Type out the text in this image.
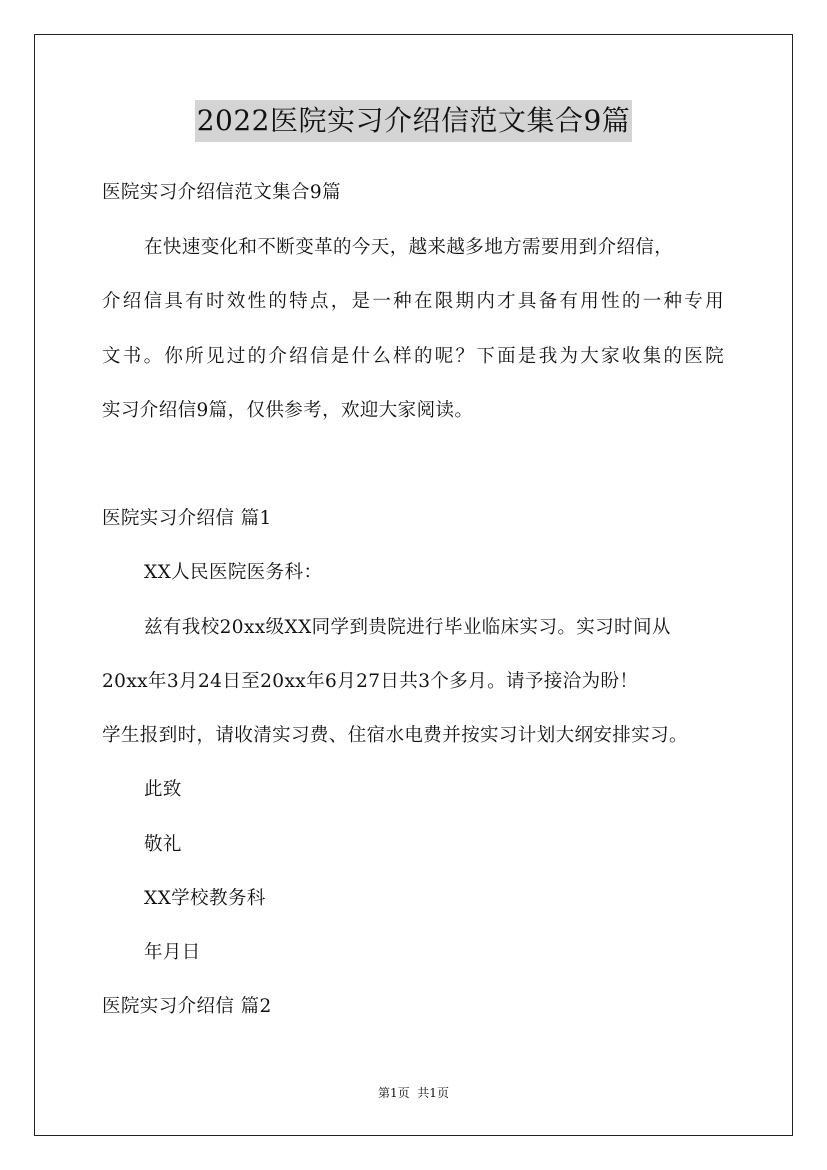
2022医院实习介绍信范文集合9篇
医院实习介绍信范文集合9篇
在快速变化和不断变革的今天，越来越多地方需要用到介绍信，
介绍信具有时效性的特点，是一种在限期内才具备有用性的一种专用
文书。你所见过的介绍信是什么样的呢？下面是我为大家收集的医院
实习介绍信9篇，仅供参考，欢迎大家阅读。
医院实习介绍信 篇1
XX人民医院医务科：
兹有我校20xx级XX同学到贵院进行毕业临床实习。实习时间从
20xx年3月24日至20xx年6月27日共3个多月。请予接洽为盼！
学生报到时，请收清实习费、住宿水电费并按实习计划大纲安排实习。
此致
敬礼
XX学校教务科
年月日
医院实习介绍信 篇2
第1页  共1页
